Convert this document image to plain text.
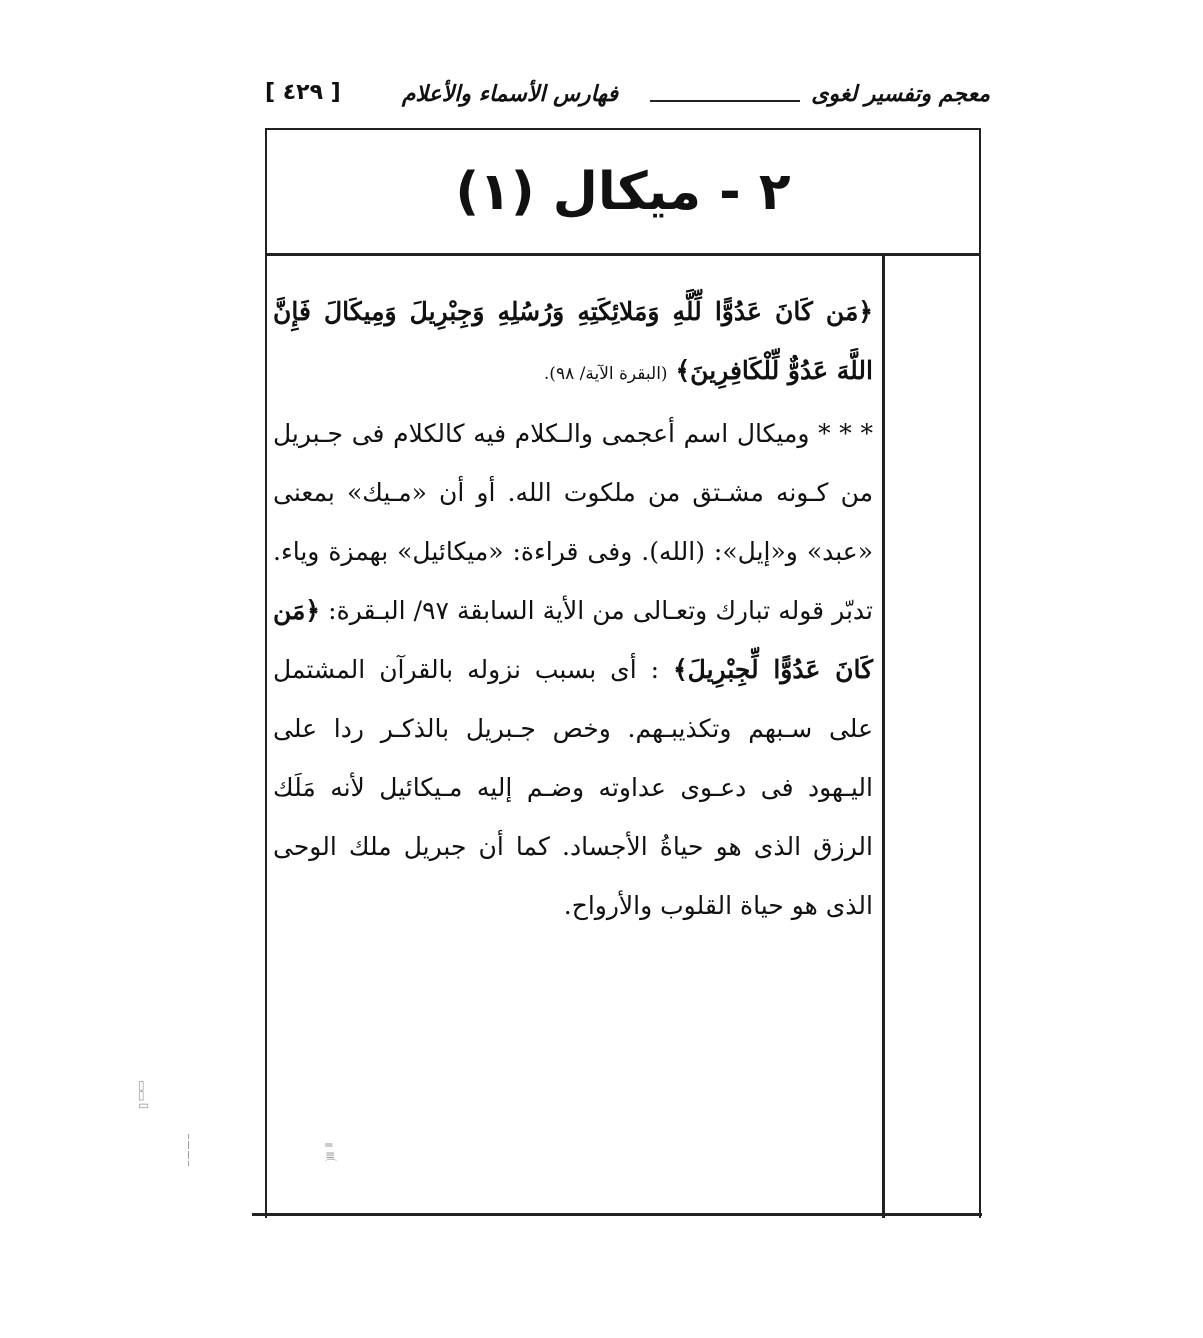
معجم وتفسير لغوى
فهارس الأسماء والأعلام
[ ٤٢٩ ]
٢ - ميكال (١)

﴿مَن كَانَ عَدُوًّا لِّلَّهِ وَمَلائِكَتِهِ وَرُسُلِهِ وَجِبْرِيلَ وَمِيكَالَ فَإِنَّ اللَّهَ عَدُوٌّ لِّلْكَافِرِينَ﴾ (البقرة الآية/ ٩٨).

* * * وميكال اسم أعجمى والـكلام فيه كالكلام فى جـبريل من كـونه مشـتق من ملكوت الله. أو أن «مـيك» بمعنى «عبد» و«إيل»: (الله). وفى قراءة: «ميكائيل» بهمزة وياء. تدبّر قوله تبارك وتعـالى من الأية السابقة ٩٧/ البـقرة: ﴿مَن كَانَ عَدُوًّا لِّجِبْرِيلَ﴾ : أى بسبب نزوله بالقرآن المشتمل على سـبهم وتكذيبـهم. وخص جـبريل بالذكـر ردا على اليـهود فى دعـوى عداوته وضـم إليه مـيكائيل لأنه مَلَك الرزق الذى هو حياةُ الأجساد. كما أن جبريل ملك الوحى الذى هو حياة القلوب والأرواح.

▯
▯
▭
╎
╎
╎
═
≡
⌒
